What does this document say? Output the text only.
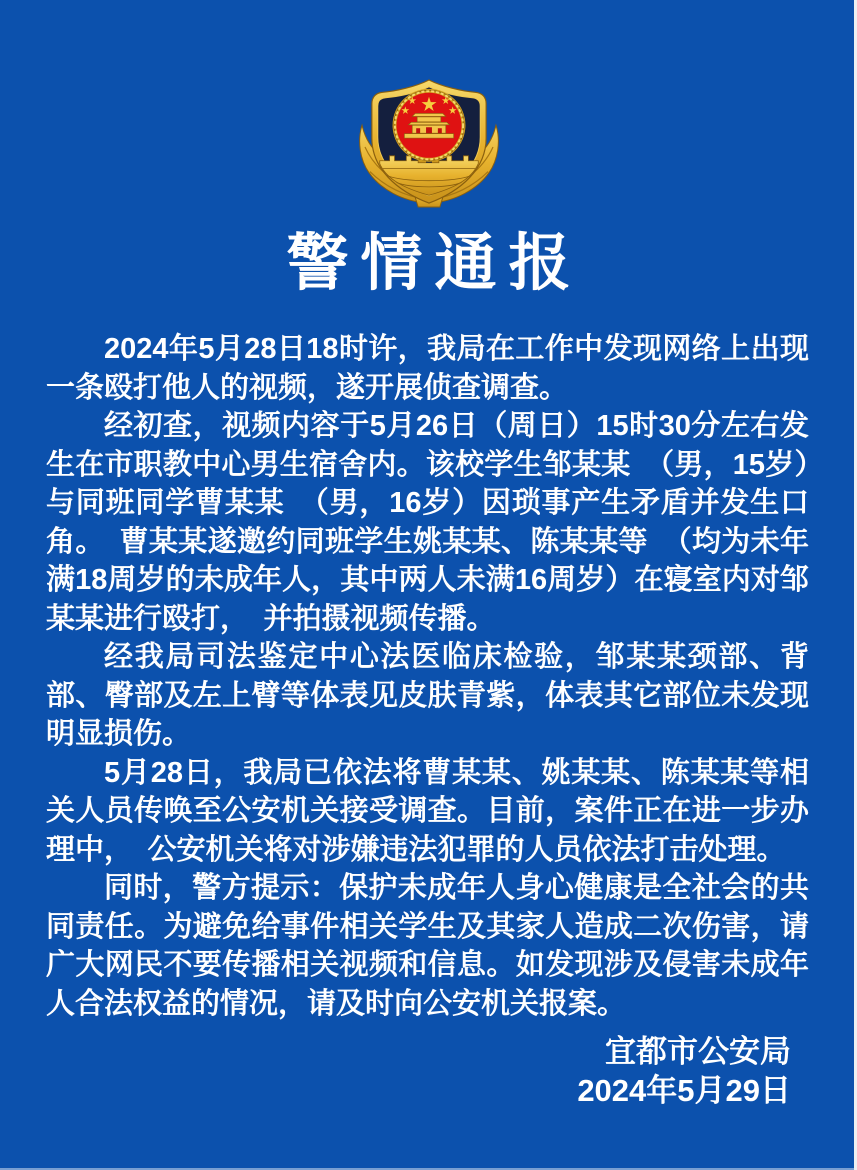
警情通报

2024年5月28日18时许，我局在工作中发现网络上出现一条殴打他人的视频，遂开展侦查调查。

经初查，视频内容于5月26日（周日）15时30分左右发生在市职教中心男生宿舍内。该校学生邹某某　（男，15岁）与同班同学曹某某　（男，16岁）因琐事产生矛盾并发生口角。　曹某某遂邀约同班学生姚某某、陈某某等　（均为未年满18周岁的未成年人，其中两人未满16周岁）在寝室内对邹某某进行殴打，　并拍摄视频传播。

经我局司法鉴定中心法医临床检验，邹某某颈部、背部、臀部及左上臂等体表见皮肤青紫，体表其它部位未发现明显损伤。

5月28日，我局已依法将曹某某、姚某某、陈某某等相关人员传唤至公安机关接受调查。目前，案件正在进一步办理中，　公安机关将对涉嫌违法犯罪的人员依法打击处理。

同时，警方提示：保护未成年人身心健康是全社会的共同责任。为避免给事件相关学生及其家人造成二次伤害，请广大网民不要传播相关视频和信息。如发现涉及侵害未成年人合法权益的情况，请及时向公安机关报案。

宜都市公安局
2024年5月29日
